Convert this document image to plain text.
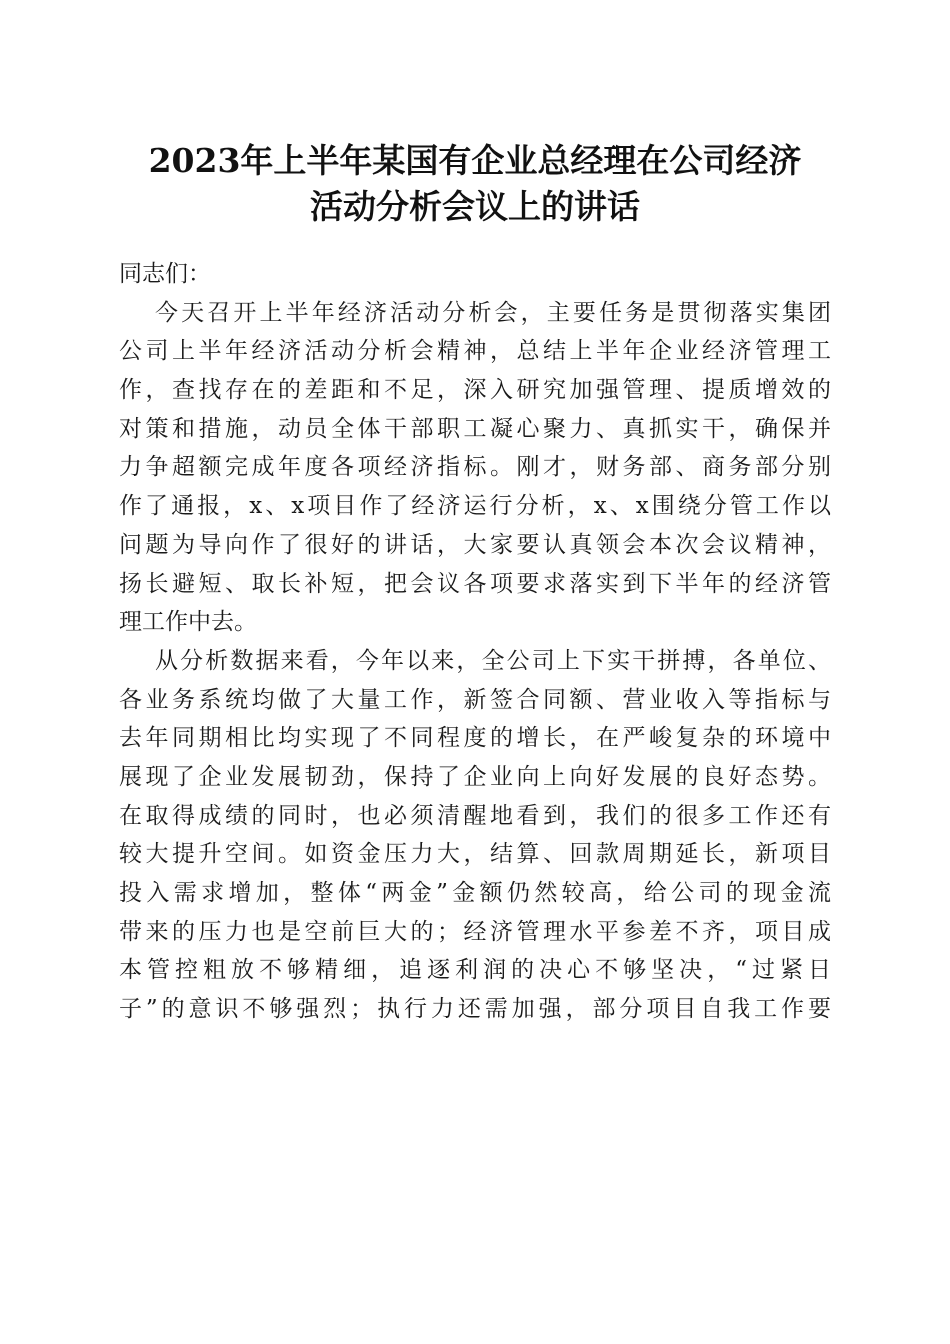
2023年上半年某国有企业总经理在公司经济
活动分析会议上的讲话
同志们：
今天召开上半年经济活动分析会，主要任务是贯彻落实集团
公司上半年经济活动分析会精神，总结上半年企业经济管理工
作，查找存在的差距和不足，深入研究加强管理、提质增效的
对策和措施，动员全体干部职工凝心聚力、真抓实干，确保并
力争超额完成年度各项经济指标。刚才，财务部、商务部分别
作了通报，x、x项目作了经济运行分析，x、x围绕分管工作以
问题为导向作了很好的讲话，大家要认真领会本次会议精神，
扬长避短、取长补短，把会议各项要求落实到下半年的经济管
理工作中去。
从分析数据来看，今年以来，全公司上下实干拼搏，各单位、
各业务系统均做了大量工作，新签合同额、营业收入等指标与
去年同期相比均实现了不同程度的增长，在严峻复杂的环境中
展现了企业发展韧劲，保持了企业向上向好发展的良好态势。
在取得成绩的同时，也必须清醒地看到，我们的很多工作还有
较大提升空间。如资金压力大，结算、回款周期延长，新项目
投入需求增加，整体“两金”金额仍然较高，给公司的现金流
带来的压力也是空前巨大的；经济管理水平参差不齐，项目成
本管控粗放不够精细，追逐利润的决心不够坚决，“过紧日
子”的意识不够强烈；执行力还需加强，部分项目自我工作要
